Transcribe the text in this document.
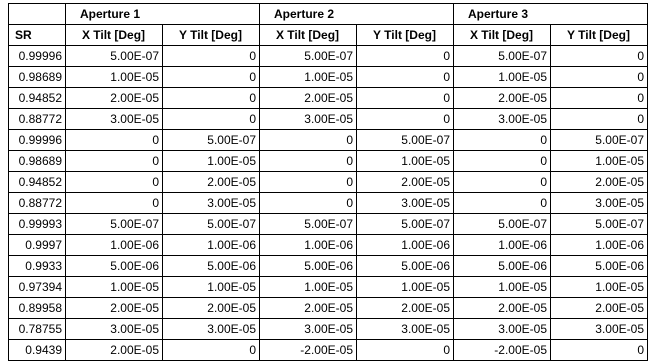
	Aperture 1		Aperture 2		Aperture 3	
SR	X Tilt [Deg]	Y Tilt [Deg]	X Tilt [Deg]	Y Tilt [Deg]	X Tilt [Deg]	Y Tilt [Deg]
0.99996	5.00E-07	0	5.00E-07	0	5.00E-07	0
0.98689	1.00E-05	0	1.00E-05	0	1.00E-05	0
0.94852	2.00E-05	0	2.00E-05	0	2.00E-05	0
0.88772	3.00E-05	0	3.00E-05	0	3.00E-05	0
0.99996	0	5.00E-07	0	5.00E-07	0	5.00E-07
0.98689	0	1.00E-05	0	1.00E-05	0	1.00E-05
0.94852	0	2.00E-05	0	2.00E-05	0	2.00E-05
0.88772	0	3.00E-05	0	3.00E-05	0	3.00E-05
0.99993	5.00E-07	5.00E-07	5.00E-07	5.00E-07	5.00E-07	5.00E-07
0.9997	1.00E-06	1.00E-06	1.00E-06	1.00E-06	1.00E-06	1.00E-06
0.9933	5.00E-06	5.00E-06	5.00E-06	5.00E-06	5.00E-06	5.00E-06
0.97394	1.00E-05	1.00E-05	1.00E-05	1.00E-05	1.00E-05	1.00E-05
0.89958	2.00E-05	2.00E-05	2.00E-05	2.00E-05	2.00E-05	2.00E-05
0.78755	3.00E-05	3.00E-05	3.00E-05	3.00E-05	3.00E-05	3.00E-05
0.9439	2.00E-05	0	-2.00E-05	0	-2.00E-05	0
